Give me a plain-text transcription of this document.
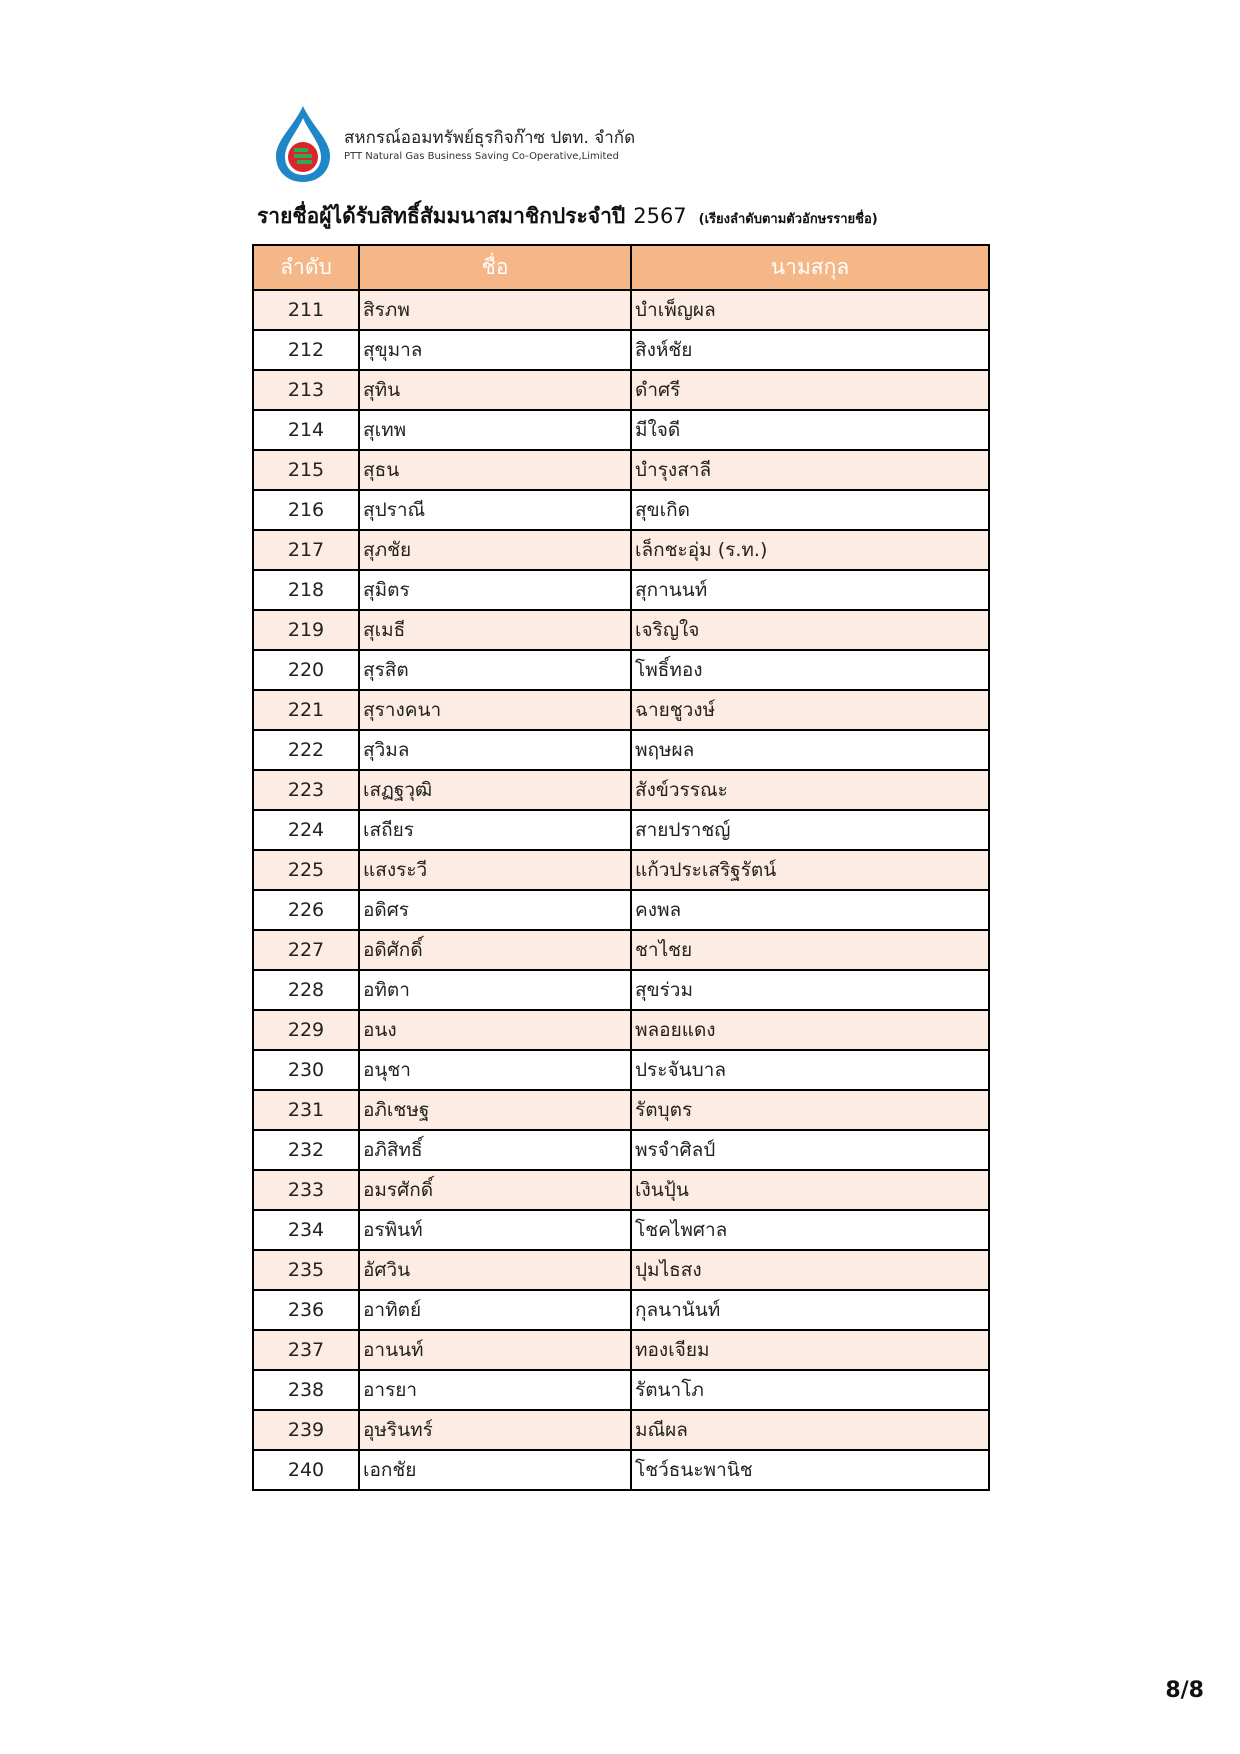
สหกรณ์ออมทรัพย์ธุรกิจก๊าซ ปตท. จำกัด
PTT Natural Gas Business Saving Co-Operative,Limited
รายชื่อผู้ได้รับสิทธิ์สัมมนาสมาชิกประจำปี 2567 (เรียงลำดับตามตัวอักษรรายชื่อ)
ลำดับ	ชื่อ	นามสกุล
211	สิรภพ	บำเพ็ญผล
212	สุขุมาล	สิงห์ชัย
213	สุทิน	ดำศรี
214	สุเทพ	มีใจดี
215	สุธน	บำรุงสาลี
216	สุปราณี	สุขเกิด
217	สุภชัย	เล็กชะอุ่ม (ร.ท.)
218	สุมิตร	สุกานนท์
219	สุเมธี	เจริญใจ
220	สุรสิต	โพธิ์ทอง
221	สุรางคนา	ฉายชูวงษ์
222	สุวิมล	พฤษผล
223	เสฏฐวุฒิ	สังข์วรรณะ
224	เสถียร	สายปราชญ์
225	แสงระวี	แก้วประเสริฐรัตน์
226	อดิศร	คงพล
227	อดิศักดิ์	ชาไชย
228	อทิตา	สุขร่วม
229	อนง	พลอยแดง
230	อนุชา	ประจันบาล
231	อภิเชษฐ	รัตบุตร
232	อภิสิทธิ์	พรจำศิลป์
233	อมรศักดิ์	เงินปุ้น
234	อรพินท์	โชคไพศาล
235	อัศวิน	ปุมไธสง
236	อาทิตย์	กุลนานันท์
237	อานนท์	ทองเจียม
238	อารยา	รัตนาโภ
239	อุษรินทร์	มณีผล
240	เอกชัย	โชว์ธนะพานิช
8/8
